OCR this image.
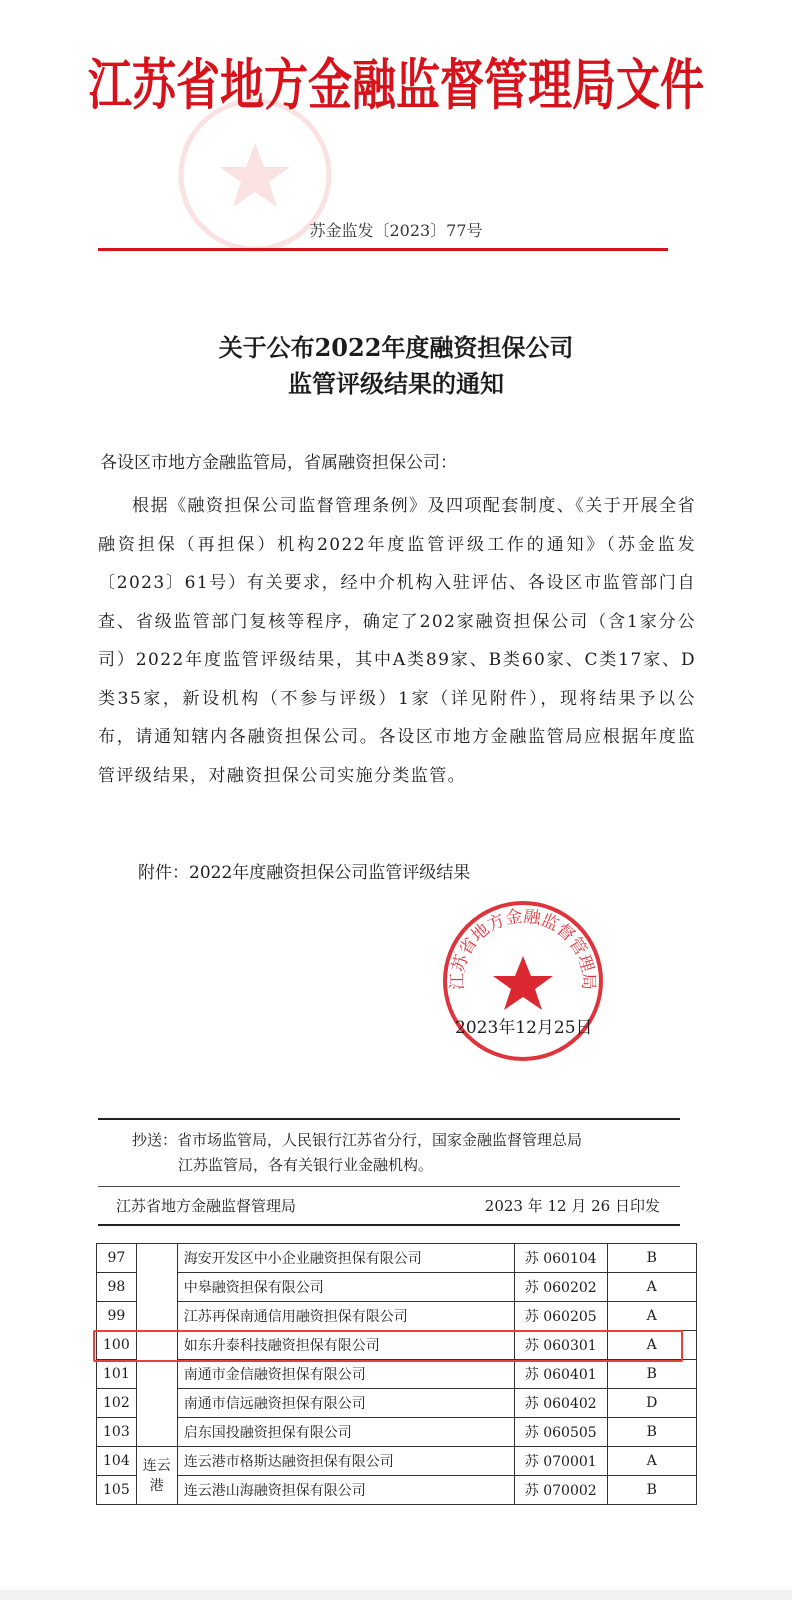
江苏省地方金融监督管理局文件
苏金监发〔2023〕77号
关于公布2022年度融资担保公司
监管评级结果的通知
各设区市地方金融监管局，省属融资担保公司：
根据《融资担保公司监督管理条例》及四项配套制度、《关于开展全省融资担保（再担保）机构2022年度监管评级工作的通知》（苏金监发〔2023〕61号）有关要求，经中介机构入驻评估、各设区市监管部门自查、省级监管部门复核等程序，确定了202家融资担保公司（含1家分公司）2022年度监管评级结果，其中A类89家、B类60家、C类17家、D类35家，新设机构（不参与评级）1家（详见附件），现将结果予以公布，请通知辖内各融资担保公司。各设区市地方金融监管局应根据年度监管评级结果，对融资担保公司实施分类监管。
附件：2022年度融资担保公司监管评级结果
江苏省地方金融监督管理局
2023年12月25日
抄送：省市场监管局，人民银行江苏省分行，国家金融监督管理总局
江苏监管局，各有关银行业金融机构。
江苏省地方金融监督管理局	2023 年 12 月 26 日印发
97		海安开发区中小企业融资担保有限公司	苏 060104	B
98		中皋融资担保有限公司	苏 060202	A
99		江苏再保南通信用融资担保有限公司	苏 060205	A
100		如东升泰科技融资担保有限公司	苏 060301	A
101		南通市金信融资担保有限公司	苏 060401	B
102		南通市信远融资担保有限公司	苏 060402	D
103		启东国投融资担保有限公司	苏 060505	B
104	连云
港	连云港市格斯达融资担保有限公司	苏 070001	A
105		连云港山海融资担保有限公司	苏 070002	B
